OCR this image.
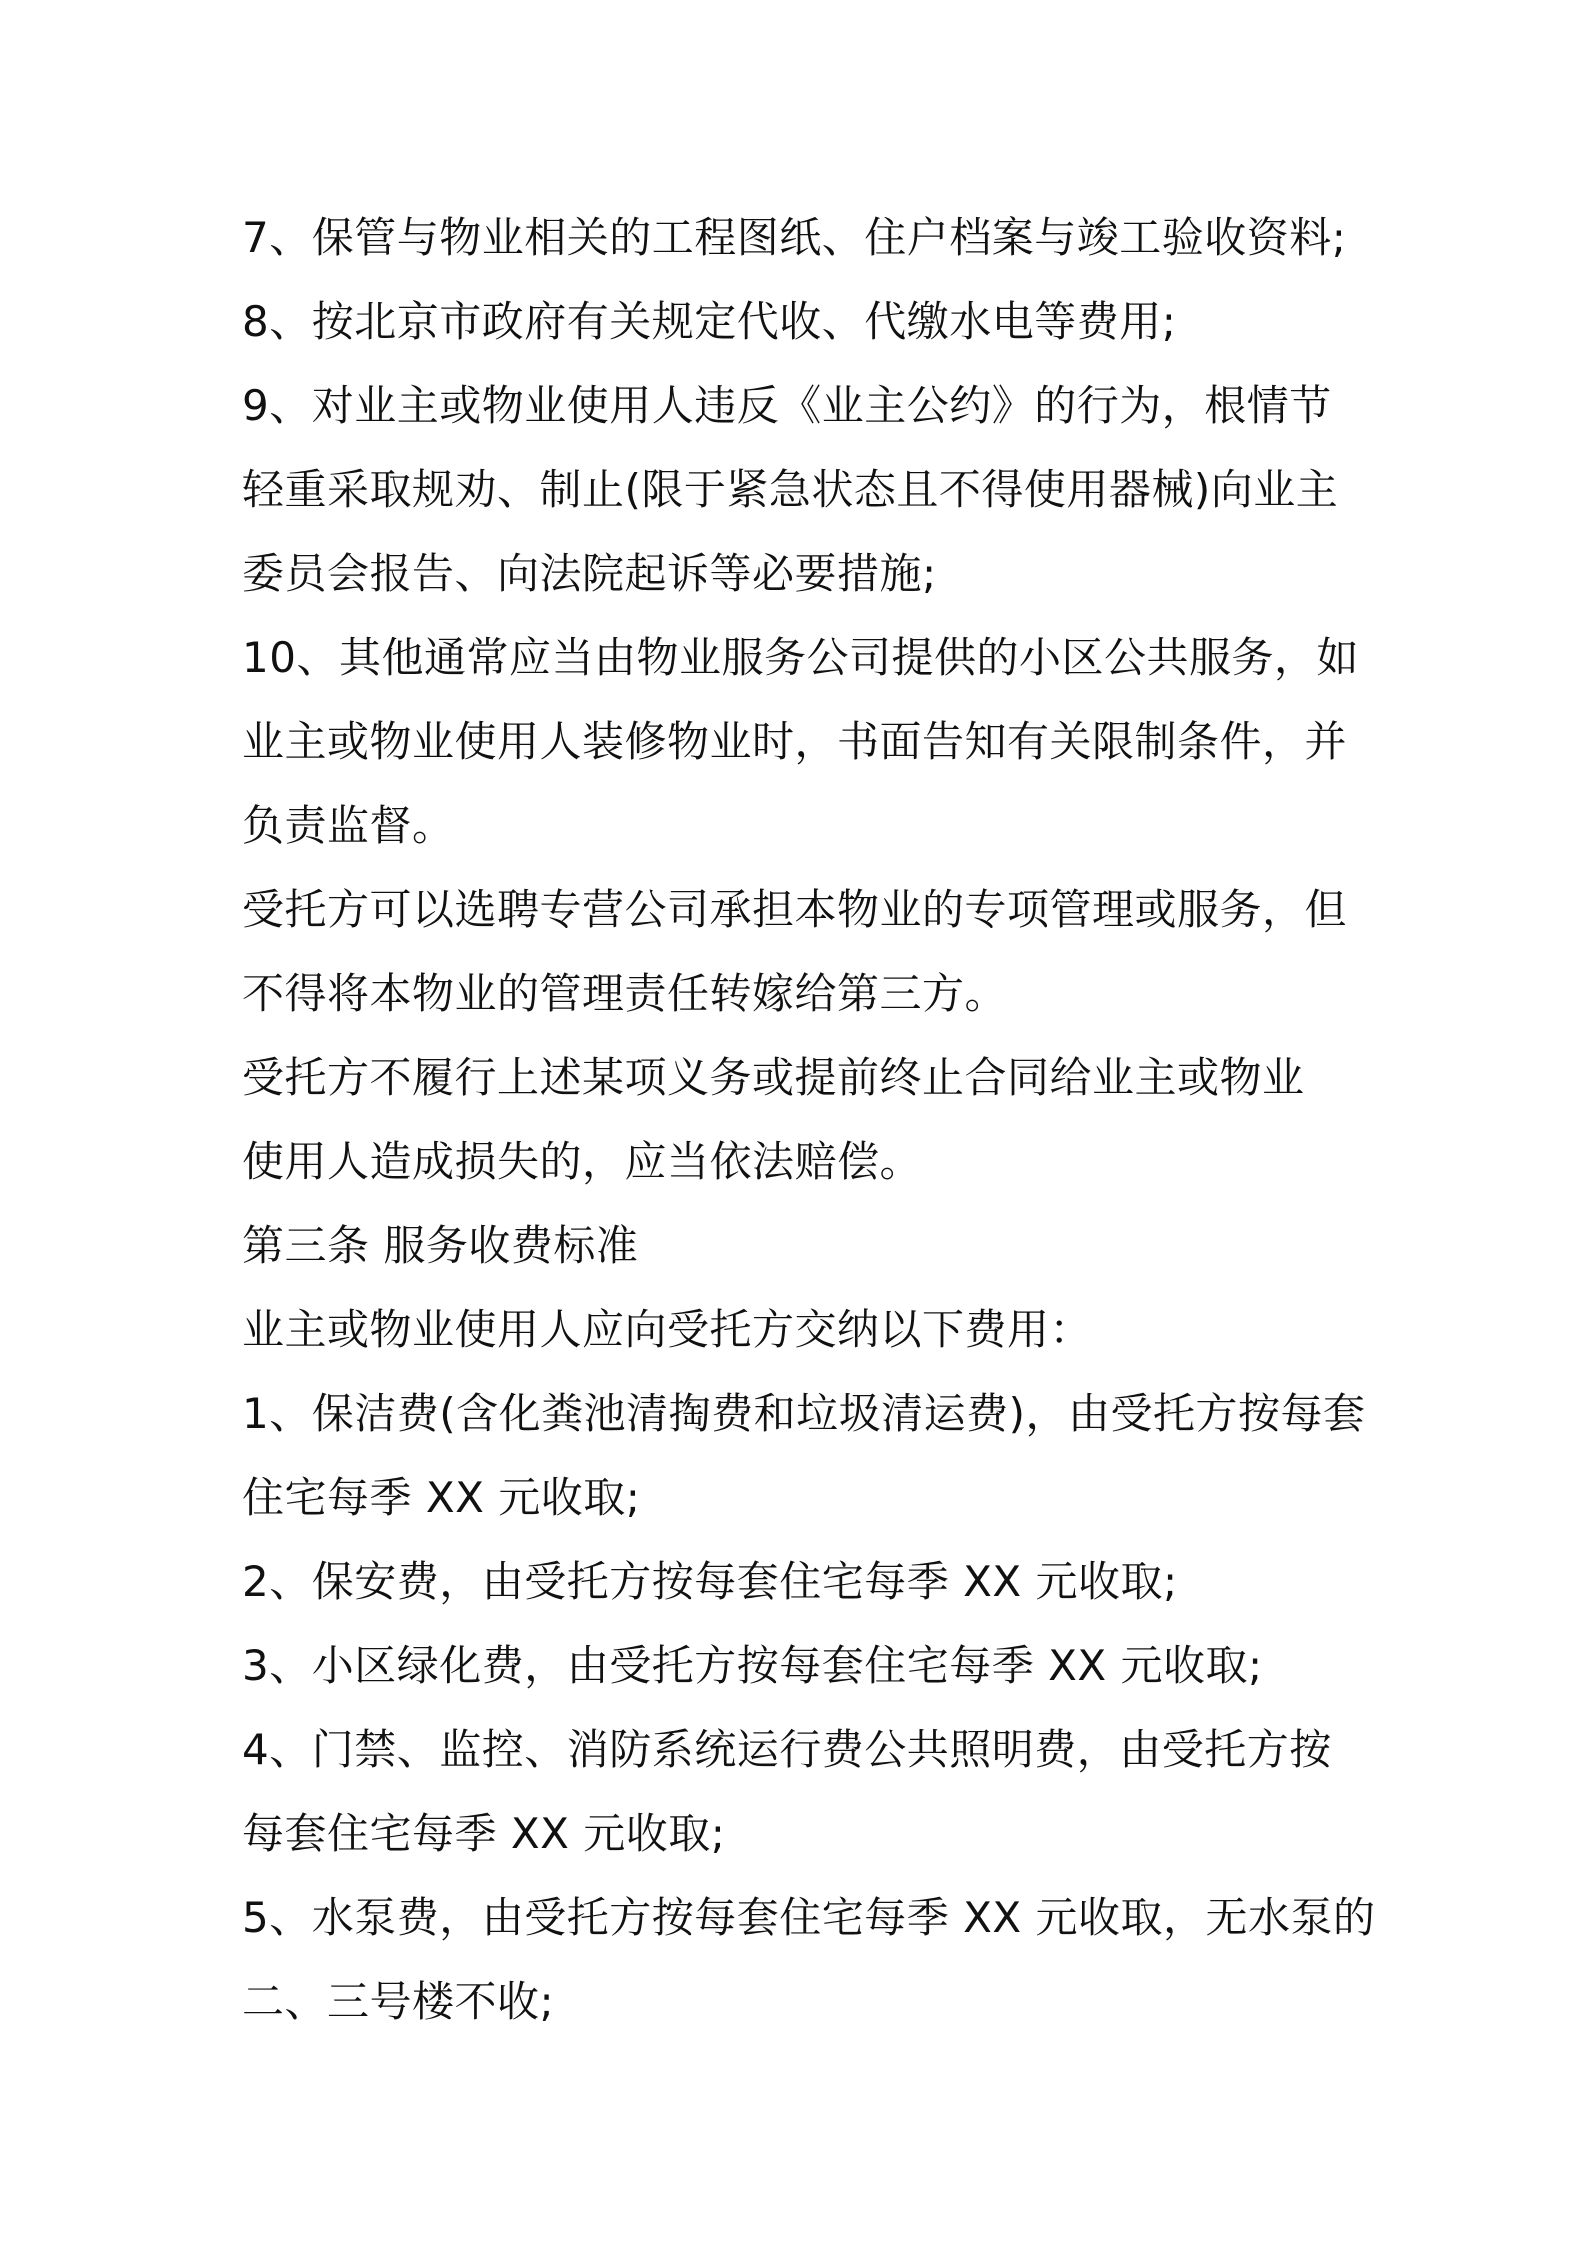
7、保管与物业相关的工程图纸、住户档案与竣工验收资料;
8、按北京市政府有关规定代收、代缴水电等费用;
9、对业主或物业使用人违反《业主公约》的行为，根情节
轻重采取规劝、制止(限于紧急状态且不得使用器械)向业主
委员会报告、向法院起诉等必要措施;
10、其他通常应当由物业服务公司提供的小区公共服务，如
业主或物业使用人装修物业时，书面告知有关限制条件，并
负责监督。
受托方可以选聘专营公司承担本物业的专项管理或服务，但
不得将本物业的管理责任转嫁给第三方。
受托方不履行上述某项义务或提前终止合同给业主或物业
使用人造成损失的，应当依法赔偿。
第三条 服务收费标准
业主或物业使用人应向受托方交纳以下费用：
1、保洁费(含化粪池清掏费和垃圾清运费)，由受托方按每套
住宅每季 XX 元收取;
2、保安费，由受托方按每套住宅每季 XX 元收取;
3、小区绿化费，由受托方按每套住宅每季 XX 元收取;
4、门禁、监控、消防系统运行费公共照明费，由受托方按
每套住宅每季 XX 元收取;
5、水泵费，由受托方按每套住宅每季 XX 元收取，无水泵的
二、三号楼不收;
